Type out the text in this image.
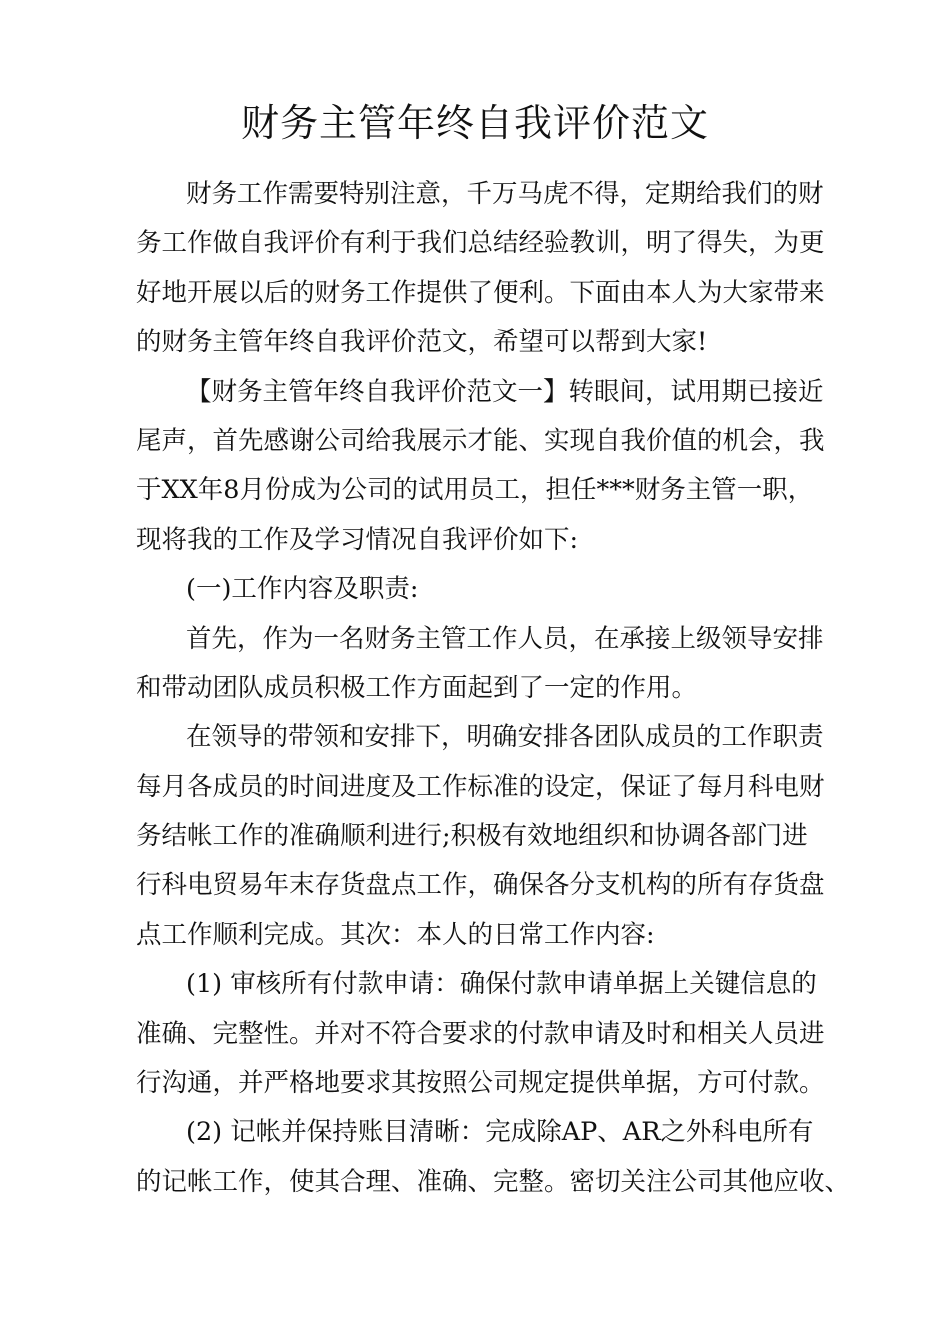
财务主管年终自我评价范文
财务工作需要特别注意，千万马虎不得，定期给我们的财
务工作做自我评价有利于我们总结经验教训，明了得失，为更
好地开展以后的财务工作提供了便利。下面由本人为大家带来
的财务主管年终自我评价范文，希望可以帮到大家!
【财务主管年终自我评价范文一】转眼间，试用期已接近
尾声，首先感谢公司给我展示才能、实现自我价值的机会，我
于XX年8月份成为公司的试用员工，担任***财务主管一职，
现将我的工作及学习情况自我评价如下:
(一)工作内容及职责:
首先，作为一名财务主管工作人员，在承接上级领导安排
和带动团队成员积极工作方面起到了一定的作用。
在领导的带领和安排下，明确安排各团队成员的工作职责
每月各成员的时间进度及工作标准的设定，保证了每月科电财
务结帐工作的准确顺利进行;积极有效地组织和协调各部门进
行科电贸易年末存货盘点工作，确保各分支机构的所有存货盘
点工作顺利完成。其次：本人的日常工作内容:
(1) 审核所有付款申请：确保付款申请单据上关键信息的
准确、完整性。并对不符合要求的付款申请及时和相关人员进
行沟通，并严格地要求其按照公司规定提供单据，方可付款。
(2) 记帐并保持账目清晰：完成除AP、AR之外科电所有
的记帐工作，使其合理、准确、完整。密切关注公司其他应收、
